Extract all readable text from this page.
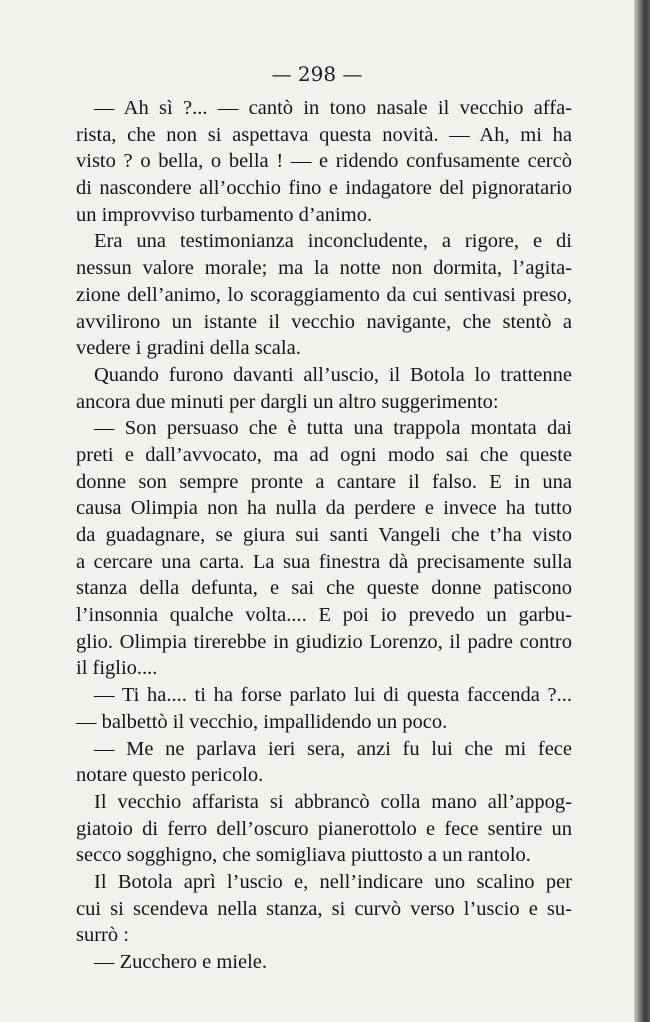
— 298 —
— Ah sì ?... — cantò in tono nasale il vecchio affa-
rista, che non si aspettava questa novità. — Ah, mi ha
visto ? o bella, o bella ! — e ridendo confusamente cercò
di nascondere all’occhio fino e indagatore del pignoratario
un improvviso turbamento d’animo.
Era una testimonianza inconcludente, a rigore, e di
nessun valore morale; ma la notte non dormita, l’agita-
zione dell’animo, lo scoraggiamento da cui sentivasi preso,
avvilirono un istante il vecchio navigante, che stentò a
vedere i gradini della scala.
Quando furono davanti all’uscio, il Botola lo trattenne
ancora due minuti per dargli un altro suggerimento:
— Son persuaso che è tutta una trappola montata dai
preti e dall’avvocato, ma ad ogni modo sai che queste
donne son sempre pronte a cantare il falso. E in una
causa Olimpia non ha nulla da perdere e invece ha tutto
da guadagnare, se giura sui santi Vangeli che t’ha visto
a cercare una carta. La sua finestra dà precisamente sulla
stanza della defunta, e sai che queste donne patiscono
l’insonnia qualche volta.... E poi io prevedo un garbu-
glio. Olimpia tirerebbe in giudizio Lorenzo, il padre contro
il figlio....
— Ti ha.... ti ha forse parlato lui di questa faccenda ?...
— balbettò il vecchio, impallidendo un poco.
— Me ne parlava ieri sera, anzi fu lui che mi fece
notare questo pericolo.
Il vecchio affarista si abbrancò colla mano all’appog-
giatoio di ferro dell’oscuro pianerottolo e fece sentire un
secco sogghigno, che somigliava piuttosto a un rantolo.
Il Botola aprì l’uscio e, nell’indicare uno scalino per
cui si scendeva nella stanza, si curvò verso l’uscio e su-
surrò :
— Zucchero e miele.
